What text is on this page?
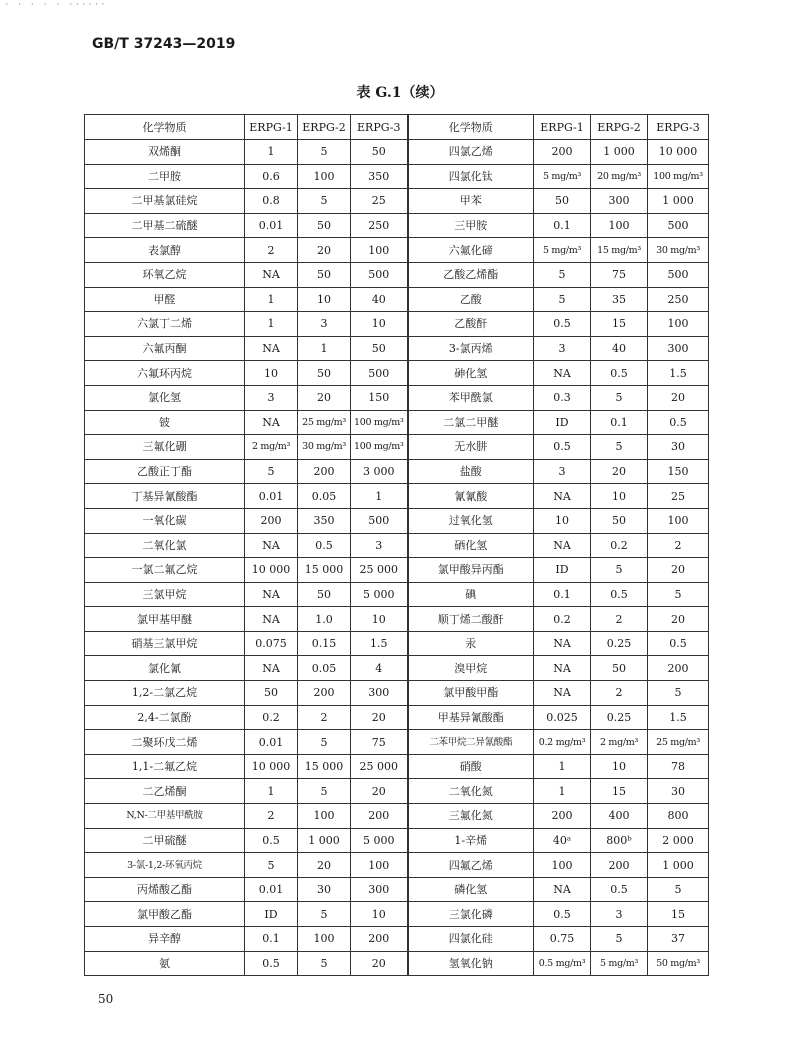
· · · · · ······
GB/T 37243—2019
表 G.1（续）
化学物质	ERPG-1	ERPG-2	ERPG-3	化学物质	ERPG-1	ERPG-2	ERPG-3
双烯酮	1	5	50	四氯乙烯	200	1 000	10 000
二甲胺	0.6	100	350	四氯化钛	5 mg/m³	20 mg/m³	100 mg/m³
二甲基氯硅烷	0.8	5	25	甲苯	50	300	1 000
二甲基二硫醚	0.01	50	250	三甲胺	0.1	100	500
表氯醇	2	20	100	六氟化碲	5 mg/m³	15 mg/m³	30 mg/m³
环氧乙烷	NA	50	500	乙酸乙烯酯	5	75	500
甲醛	1	10	40	乙酸	5	35	250
六氯丁二烯	1	3	10	乙酸酐	0.5	15	100
六氟丙酮	NA	1	50	3-氯丙烯	3	40	300
六氟环丙烷	10	50	500	砷化氢	NA	0.5	1.5
氯化氢	3	20	150	苯甲酰氯	0.3	5	20
铍	NA	25 mg/m³	100 mg/m³	二氯二甲醚	ID	0.1	0.5
三氟化硼	2 mg/m³	30 mg/m³	100 mg/m³	无水肼	0.5	5	30
乙酸正丁酯	5	200	3 000	盐酸	3	20	150
丁基异氰酸酯	0.01	0.05	1	氰氰酸	NA	10	25
一氧化碳	200	350	500	过氧化氢	10	50	100
二氧化氯	NA	0.5	3	硒化氢	NA	0.2	2
一氯二氟乙烷	10 000	15 000	25 000	氯甲酸异丙酯	ID	5	20
三氯甲烷	NA	50	5 000	碘	0.1	0.5	5
氯甲基甲醚	NA	1.0	10	顺丁烯二酸酐	0.2	2	20
硝基三氯甲烷	0.075	0.15	1.5	汞	NA	0.25	0.5
氯化氰	NA	0.05	4	溴甲烷	NA	50	200
1,2-二氯乙烷	50	200	300	氯甲酸甲酯	NA	2	5
2,4-二氯酚	0.2	2	20	甲基异氰酸酯	0.025	0.25	1.5
二聚环戊二烯	0.01	5	75	二苯甲烷二异氰酸酯	0.2 mg/m³	2 mg/m³	25 mg/m³
1,1-二氟乙烷	10 000	15 000	25 000	硝酸	1	10	78
二乙烯酮	1	5	20	二氧化氮	1	15	30
N,N-二甲基甲酰胺	2	100	200	三氟化氮	200	400	800
二甲硫醚	0.5	1 000	5 000	1-辛烯	40ᵃ	800ᵇ	2 000
3-氯-1,2-环氧丙烷	5	20	100	四氟乙烯	100	200	1 000
丙烯酸乙酯	0.01	30	300	磷化氢	NA	0.5	5
氯甲酸乙酯	ID	5	10	三氯化磷	0.5	3	15
异辛醇	0.1	100	200	四氯化硅	0.75	5	37
氨	0.5	5	20	氢氧化钠	0.5 mg/m³	5 mg/m³	50 mg/m³
50
